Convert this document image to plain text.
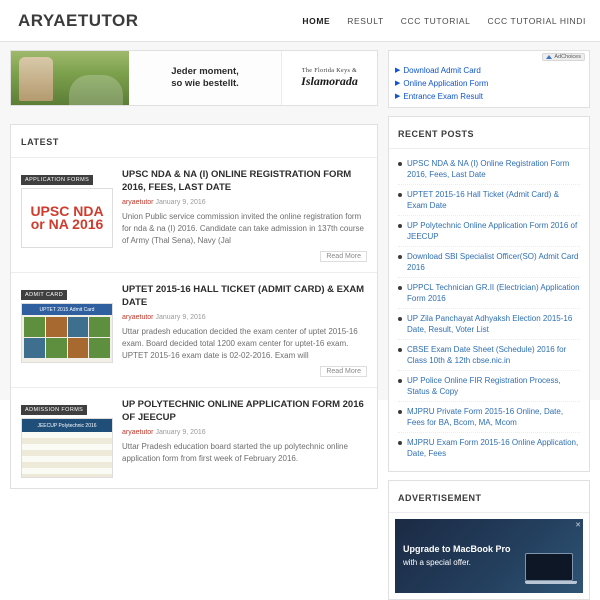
ARYAETUTOR	HOME RESULT CCC TUTORIAL CCC TUTORIAL HINDI
Jeder moment,
so wie bestellt.
The Florida Keys &
Islamorada
AdChoices
▶ Download Admit Card
▶ Online Application Form
▶ Entrance Exam Result
LATEST
APPLICATION FORMS
UPSC NDA or NA 2016
UPSC NDA & NA (I) ONLINE REGISTRATION FORM 2016, FEES, LAST DATE
aryaetutor January 9, 2016
Union Public service commission invited the online registration form for nda & na (I) 2016. Candidate can take admission in 137th course of Army (Thal Sena), Navy (Jal
Read More
ADMIT CARD
UPTET 2015 Admit Card
UPTET 2015-16 HALL TICKET (ADMIT CARD) & EXAM DATE
aryaetutor January 9, 2016
Uttar pradesh education decided the exam center of uptet 2015-16 exam. Board decided total 1200 exam center for uptet-16 exam. UPTET 2015-16 exam date is 02-02-2016. Exam will
Read More
ADMISSION FORMS
JEECUP Polytechnic 2016
UP POLYTECHNIC ONLINE APPLICATION FORM 2016 OF JEECUP
aryaetutor January 9, 2016
Uttar Pradesh education board started the up polytechnic online application form from first week of February 2016.
RECENT POSTS
UPSC NDA & NA (I) Online Registration Form 2016, Fees, Last Date
UPTET 2015-16 Hall Ticket (Admit Card) & Exam Date
UP Polytechnic Online Application Form 2016 of JEECUP
Download SBI Specialist Officer(SO) Admit Card 2016
UPPCL Technician GR.II (Electrician) Application Form 2016
UP Zila Panchayat Adhyaksh Election 2015-16 Date, Result, Voter List
CBSE Exam Date Sheet (Schedule) 2016 for Class 10th & 12th cbse.nic.in
UP Police Online FIR Registration Process, Status & Copy
MJPRU Private Form 2015-16 Online, Date, Fees for BA, Bcom, MA, Mcom
MJPRU Exam Form 2015-16 Online Application, Date, Fees
ADVERTISEMENT
✕
Upgrade to MacBook Pro
with a special offer.
